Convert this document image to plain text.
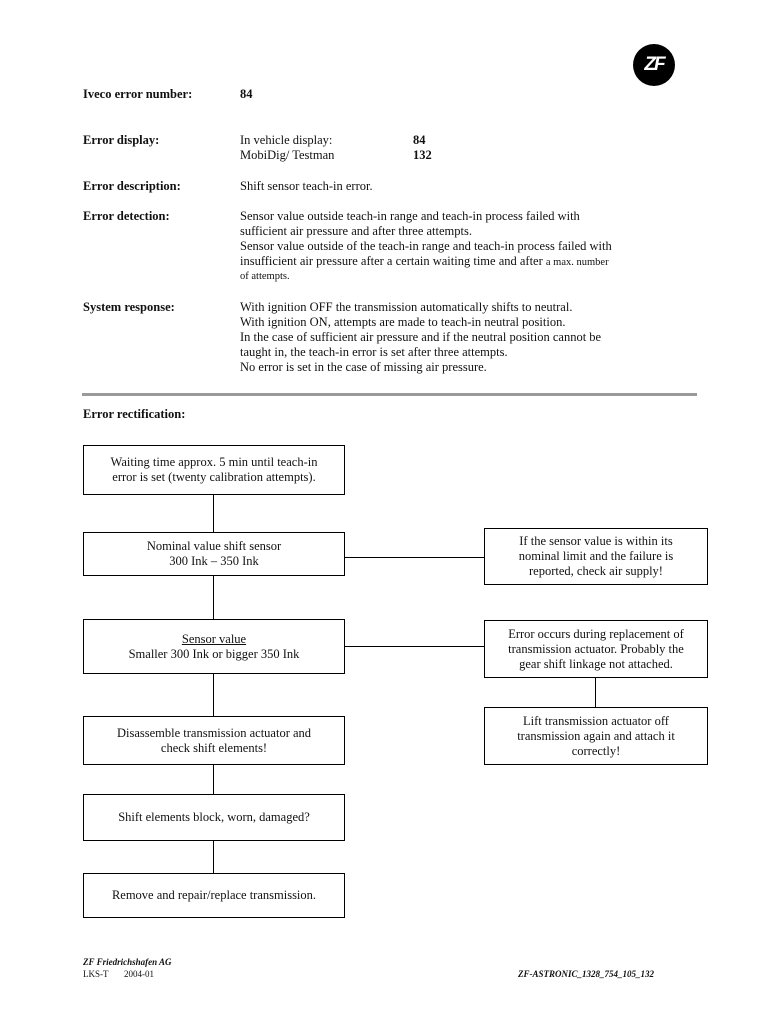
ZF
Iveco error number:	84
Error display:	In vehicle display:	84
MobiDig/ Testman	132
Error description:	Shift sensor teach-in error.
Error detection:	Sensor value outside teach-in range and teach-in process failed with
sufficient air pressure and after three attempts.
Sensor value outside of the teach-in range and teach-in process failed with
insufficient air pressure after a certain waiting time and after a max. number
of attempts.
System response:	With ignition OFF the transmission automatically shifts to neutral.
With ignition ON, attempts are made to teach-in neutral position.
In the case of sufficient air pressure and if the neutral position cannot be
taught in, the teach-in error is set after three attempts.
No error is set in the case of missing air pressure.
Error rectification:
Waiting time approx. 5 min until teach-in
error is set (twenty calibration attempts).
Nominal value shift sensor
300 Ink – 350 Ink
Sensor value
Smaller 300 Ink or bigger 350 Ink
Disassemble transmission actuator and
check shift elements!
Shift elements block, worn, damaged?
Remove and repair/replace transmission.
If the sensor value is within its
nominal limit and the failure is
reported, check air supply!
Error occurs during replacement of
transmission actuator. Probably the
gear shift linkage not attached.
Lift transmission actuator off
transmission again and attach it
correctly!
ZF Friedrichshafen AG
LKS-T 2004-01	ZF-ASTRONIC_1328_754_105_132
